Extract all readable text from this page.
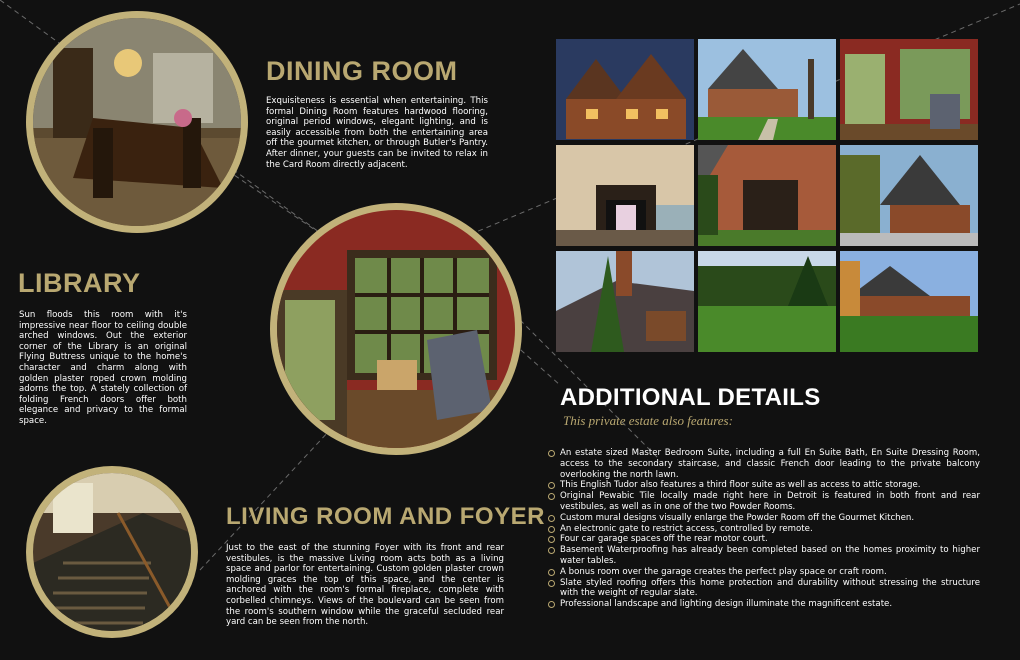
DINING ROOM
Exquisiteness is essential when entertaining. This formal Dining Room features hardwood flooring, original period windows, elegant lighting, and is easily accessible from both the entertaining area off the gourmet kitchen, or through Butler's Pantry. After dinner, your guests can be invited to relax in the Card Room directly adjacent.
LIBRARY
Sun floods this room with it's impressive near floor to ceiling double arched windows. Out the exterior corner of the Library is an original Flying Buttress unique to the home's character and charm along with golden plaster roped crown molding adorns the top. A stately collection of folding French doors offer both elegance and privacy to the formal space.
LIVING ROOM AND FOYER
Just to the east of the stunning Foyer with its front and rear vestibules, is the massive Living room acts both as a living space and parlor for entertaining. Custom golden plaster crown molding graces the top of this space, and the center is anchored with the room's formal fireplace, complete with corbelled chimneys. Views of the boulevard can be seen from the room's southern window while the graceful secluded rear yard can be seen from the north.
ADDITIONAL DETAILS
This private estate also features:
An estate sized Master Bedroom Suite, including a full En Suite Bath, En Suite Dressing Room, access to the secondary staircase, and classic French door leading to the private balcony overlooking the north lawn.
This English Tudor also features a third floor suite as well as access to attic storage.
Original Pewabic Tile locally made right here in Detroit is featured in both front and rear vestibules, as well as in one of the two Powder Rooms.
Custom mural designs visually enlarge the Powder Room off the Gourmet Kitchen.
An electronic gate to restrict access, controlled by remote.
Four car garage spaces off the rear motor court.
Basement Waterproofing has already been completed based on the homes proximity to higher water tables.
A bonus room over the garage creates the perfect play space or craft room.
Slate styled roofing offers this home protection and durability without stressing the structure with the weight of regular slate.
Professional landscape and lighting design illuminate the magnificent estate.
